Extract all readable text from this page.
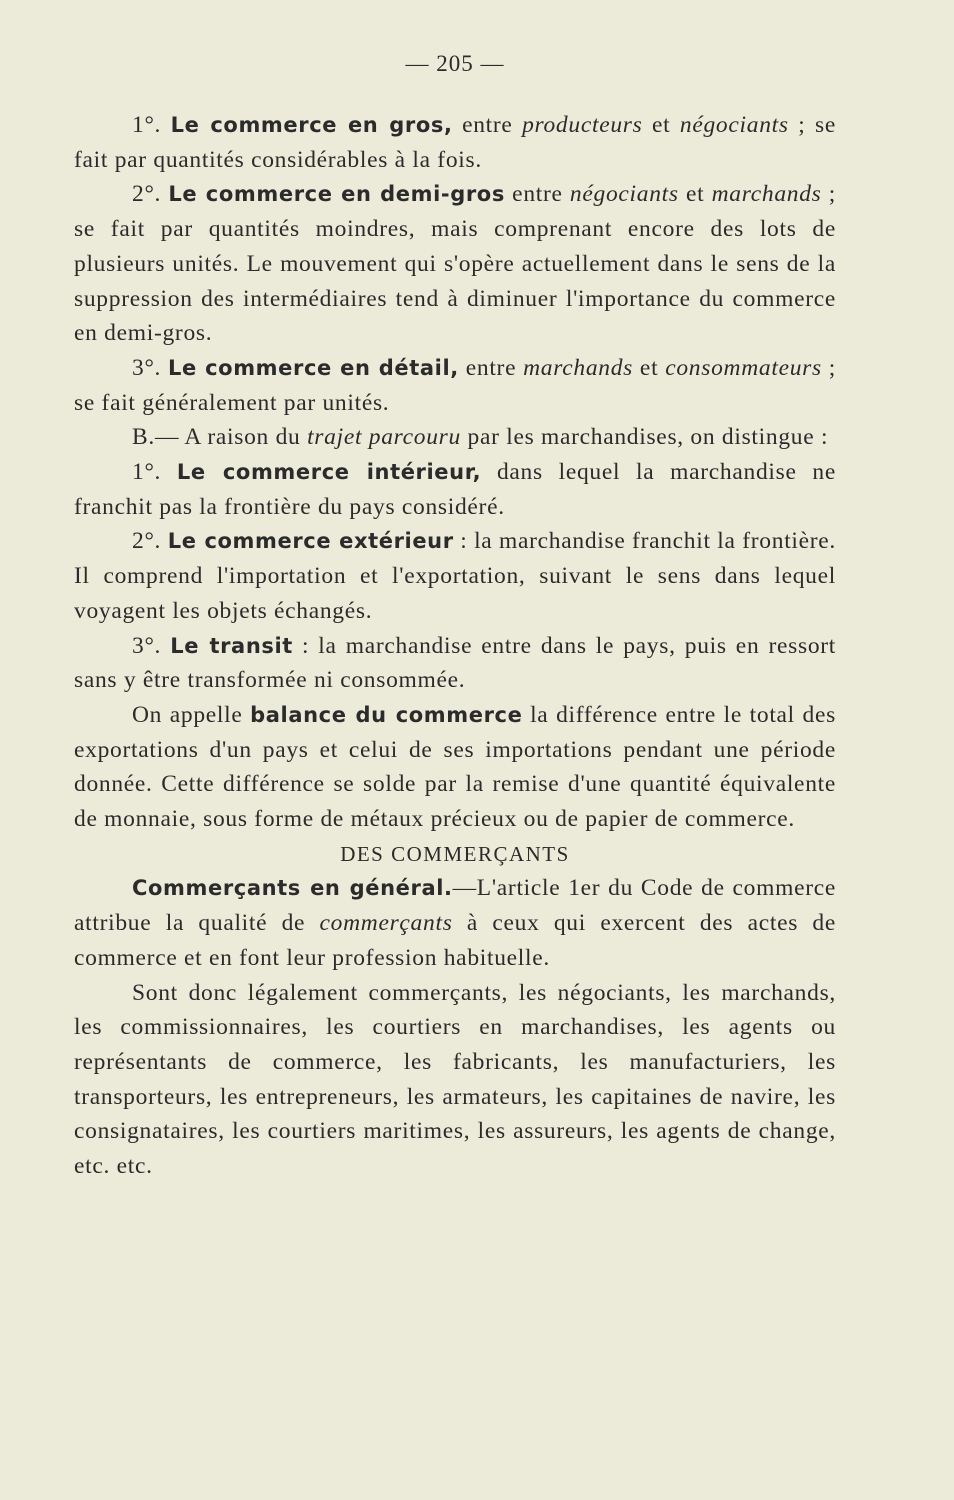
— 205 —

1°. Le commerce en gros, entre producteurs et négociants ; se fait par quantités considérables à la fois.

2°. Le commerce en demi-gros entre négociants et marchands ; se fait par quantités moindres, mais comprenant encore des lots de plusieurs unités. Le mouvement qui s'opère actuellement dans le sens de la suppression des intermédiaires tend à diminuer l'importance du commerce en demi-gros.

3°. Le commerce en détail, entre marchands et consommateurs ; se fait généralement par unités.

B.— A raison du trajet parcouru par les marchandises, on distingue :

1°. Le commerce intérieur, dans lequel la marchandise ne franchit pas la frontière du pays considéré.

2°. Le commerce extérieur : la marchandise franchit la frontière. Il comprend l'importation et l'exportation, suivant le sens dans lequel voyagent les objets échangés.

3°. Le transit : la marchandise entre dans le pays, puis en ressort sans y être transformée ni consommée.

On appelle balance du commerce la différence entre le total des exportations d'un pays et celui de ses importations pendant une période donnée. Cette différence se solde par la remise d'une quantité équivalente de monnaie, sous forme de métaux précieux ou de papier de commerce.

DES COMMERÇANTS

Commerçants en général.—L'article 1er du Code de commerce attribue la qualité de commerçants à ceux qui exercent des actes de commerce et en font leur profession habituelle.

Sont donc légalement commerçants, les négociants, les marchands, les commissionnaires, les courtiers en marchandises, les agents ou représentants de commerce, les fabricants, les manufacturiers, les transporteurs, les entrepreneurs, les armateurs, les capitaines de navire, les consignataires, les courtiers maritimes, les assureurs, les agents de change, etc. etc.
